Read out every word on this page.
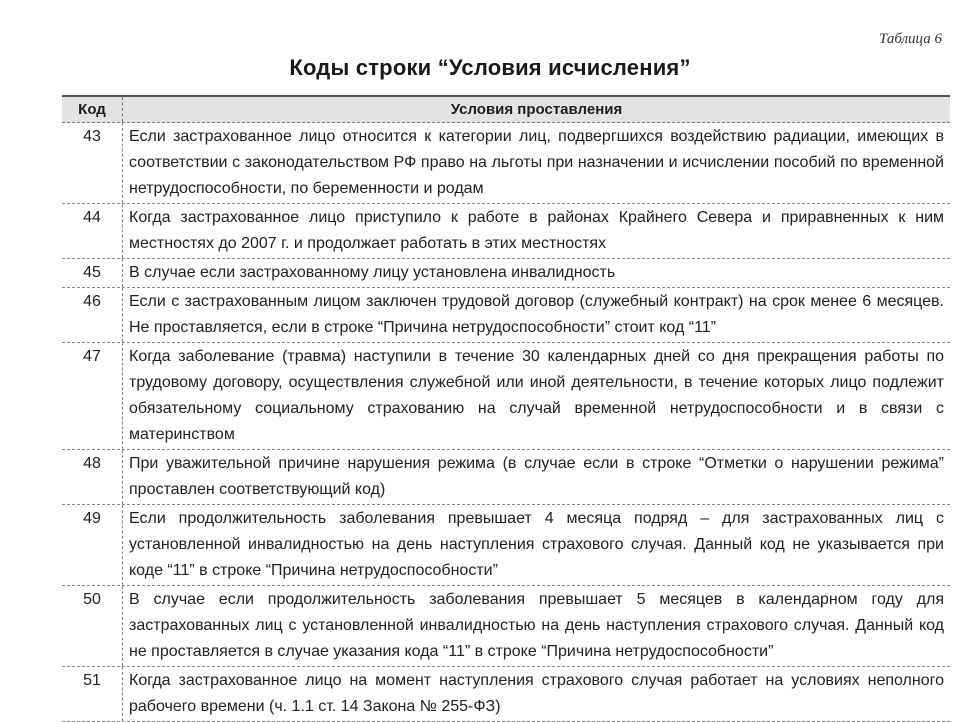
Таблица 6
Коды строки “Условия исчисления”
Код	Условия проставления
43	Если застрахованное лицо относится к категории лиц, подвергшихся воздействию радиации, имеющих в соответствии с законодательством РФ право на льготы при назначении и исчислении пособий по временной нетрудоспособности, по беременности и родам
44	Когда застрахованное лицо приступило к работе в районах Крайнего Севера и приравненных к ним местностях до 2007 г. и продолжает работать в этих местностях
45	В случае если застрахованному лицу установлена инвалидность
46	Если с застрахованным лицом заключен трудовой договор (служебный контракт) на срок менее 6 месяцев. Не проставляется, если в строке “Причина нетрудоспособности” стоит код “11”
47	Когда заболевание (травма) наступили в течение 30 календарных дней со дня прекращения работы по трудовому договору, осуществления служебной или иной деятельности, в течение которых лицо подлежит обязательному социальному страхованию на случай временной нетрудоспособности и в связи с материнством
48	При уважительной причине нарушения режима (в случае если в строке “Отметки о нарушении режима” проставлен соответствующий код)
49	Если продолжительность заболевания превышает 4 месяца подряд – для застрахованных лиц с установленной инвалидностью на день наступления страхового случая. Данный код не указывается при коде “11” в строке “Причина нетрудоспособности”
50	В случае если продолжительность заболевания превышает 5 месяцев в календарном году для застрахованных лиц с установленной инвалидностью на день наступления страхового случая. Данный код не проставляется в случае указания кода “11” в строке “Причина нетрудоспособности”
51	Когда застрахованное лицо на момент наступления страхового случая работает на условиях неполного рабочего времени (ч. 1.1 ст. 14 Закона № 255-ФЗ)
